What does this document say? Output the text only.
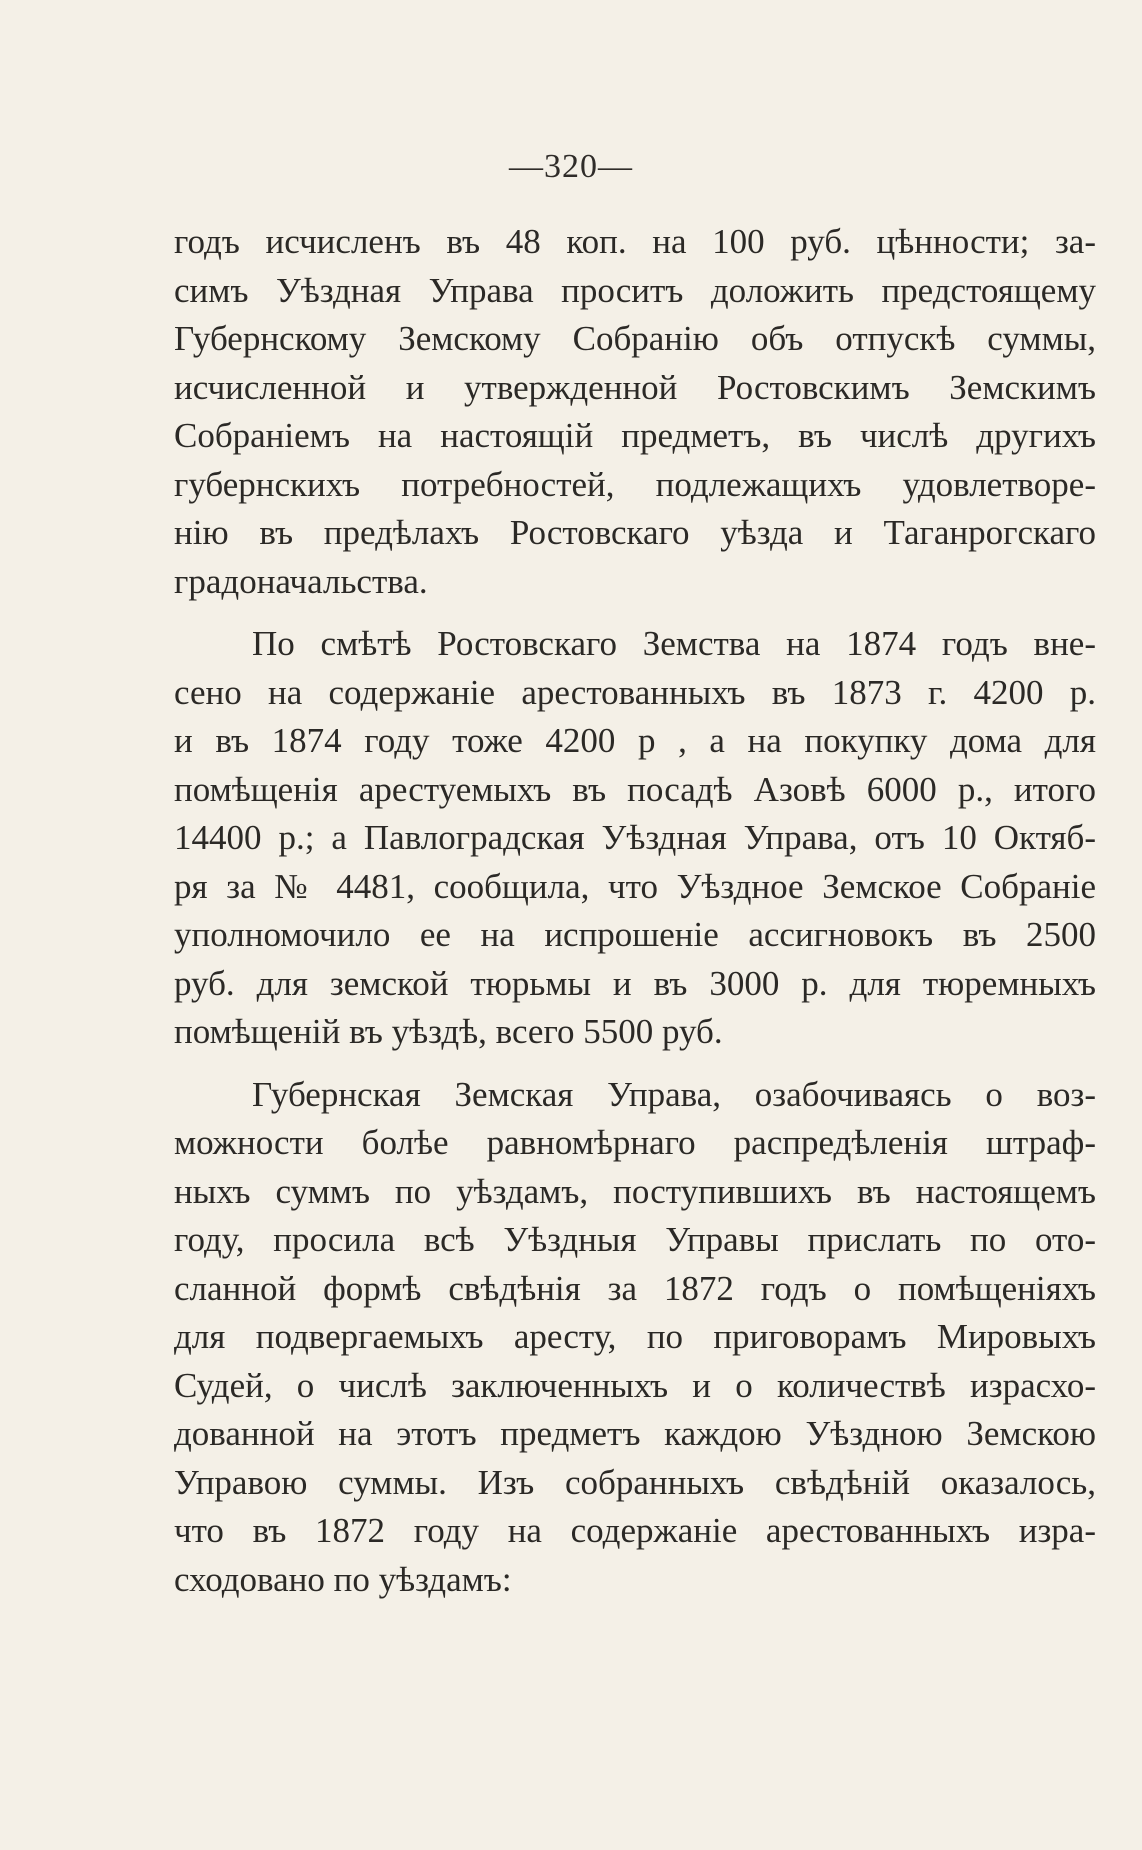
—320—
годъ исчисленъ въ 48 коп. на 100 руб. цѣнности; за-
симъ Уѣздная Управа проситъ доложить предстоящему
Губернскому Земскому Собранію объ отпускѣ суммы,
исчисленной и утвержденной Ростовскимъ Земскимъ
Собраніемъ на настоящій предметъ, въ числѣ другихъ
губернскихъ потребностей, подлежащихъ удовлетворе-
нію въ предѣлахъ Ростовскаго уѣзда и Таганрогскаго
градоначальства.
По смѣтѣ Ростовскаго Земства на 1874 годъ вне-
сено на содержаніе арестованныхъ въ 1873 г. 4200 р.
и въ 1874 году тоже 4200 р , а на покупку дома для
помѣщенія арестуемыхъ въ посадѣ Азовѣ 6000 р., итого
14400 р.; а Павлоградская Уѣздная Управа, отъ 10 Октяб-
ря за № 4481, сообщила, что Уѣздное Земское Собраніе
уполномочило ее на испрошеніе ассигновокъ въ 2500
руб. для земской тюрьмы и въ 3000 р. для тюремныхъ
помѣщеній въ уѣздѣ, всего 5500 руб.
Губернская Земская Управа, озабочиваясь о воз-
можности болѣе равномѣрнаго распредѣленія штраф-
ныхъ суммъ по уѣздамъ, поступившихъ въ настоящемъ
году, просила всѣ Уѣздныя Управы прислать по ото-
сланной формѣ свѣдѣнія за 1872 годъ о помѣщеніяхъ
для подвергаемыхъ аресту, по приговорамъ Мировыхъ
Судей, о числѣ заключенныхъ и о количествѣ израсхо-
дованной на этотъ предметъ каждою Уѣздною Земскою
Управою суммы. Изъ собранныхъ свѣдѣній оказалось,
что въ 1872 году на содержаніе арестованныхъ изра-
сходовано по уѣздамъ:
